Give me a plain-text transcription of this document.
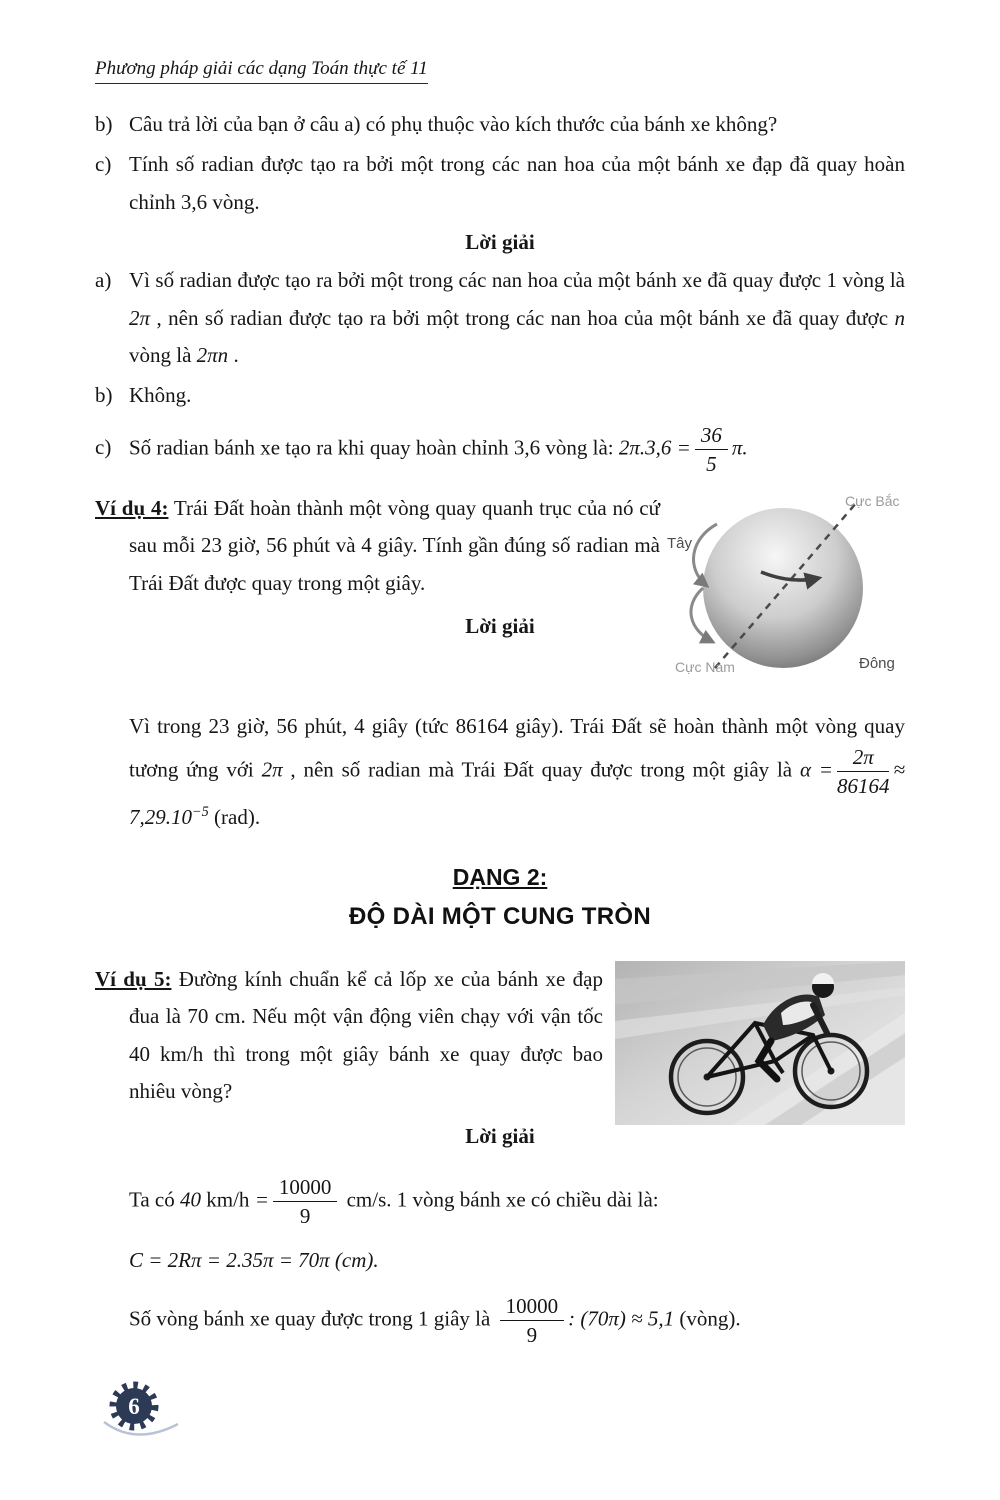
Phương pháp giải các dạng Toán thực tế 11

b) Câu trả lời của bạn ở câu a) có phụ thuộc vào kích thước của bánh xe không?

c) Tính số radian được tạo ra bởi một trong các nan hoa của một bánh xe đạp đã quay hoàn chỉnh 3,6 vòng.

Lời giải

a) Vì số radian được tạo ra bởi một trong các nan hoa của một bánh xe đã quay được 1 vòng là 2π , nên số radian được tạo ra bởi một trong các nan hoa của một bánh xe đã quay được n vòng là 2πn .

b) Không.

c) Số radian bánh xe tạo ra khi quay hoàn chỉnh 3,6 vòng là: $2\pi.3,6 = \frac{36}{5} \pi$.

Cực Bắc
Tây
Cực Nam	Đông

Ví dụ 4: Trái Đất hoàn thành một vòng quay quanh trục của nó cứ sau mỗi 23 giờ, 56 phút và 4 giây. Tính gần đúng số radian mà Trái Đất được quay trong một giây.

Lời giải

Vì trong 23 giờ, 56 phút, 4 giây (tức 86164 giây). Trái Đất sẽ hoàn thành một vòng quay tương ứng với 2π , nên số radian mà Trái Đất quay được trong một giây là $\alpha = \frac{2\pi}{86164} \approx 7,29.10^{-5}$ (rad).

DẠNG 2:
ĐỘ DÀI MỘT CUNG TRÒN

Ví dụ 5: Đường kính chuẩn kể cả lốp xe của bánh xe đạp đua là 70 cm. Nếu một vận động viên chạy với vận tốc 40 km/h thì trong một giây bánh xe quay được bao nhiêu vòng?

Lời giải

Ta có 40 $km/h = \frac{10000}{9} cm/s$. 1 vòng bánh xe có chiều dài là:

C = 2Rπ = 2.35π = 70π (cm).

Số vòng bánh xe quay được trong 1 giây là $\frac{10000}{9}$ : (70π) ≈ 5,1 (vòng).

6
